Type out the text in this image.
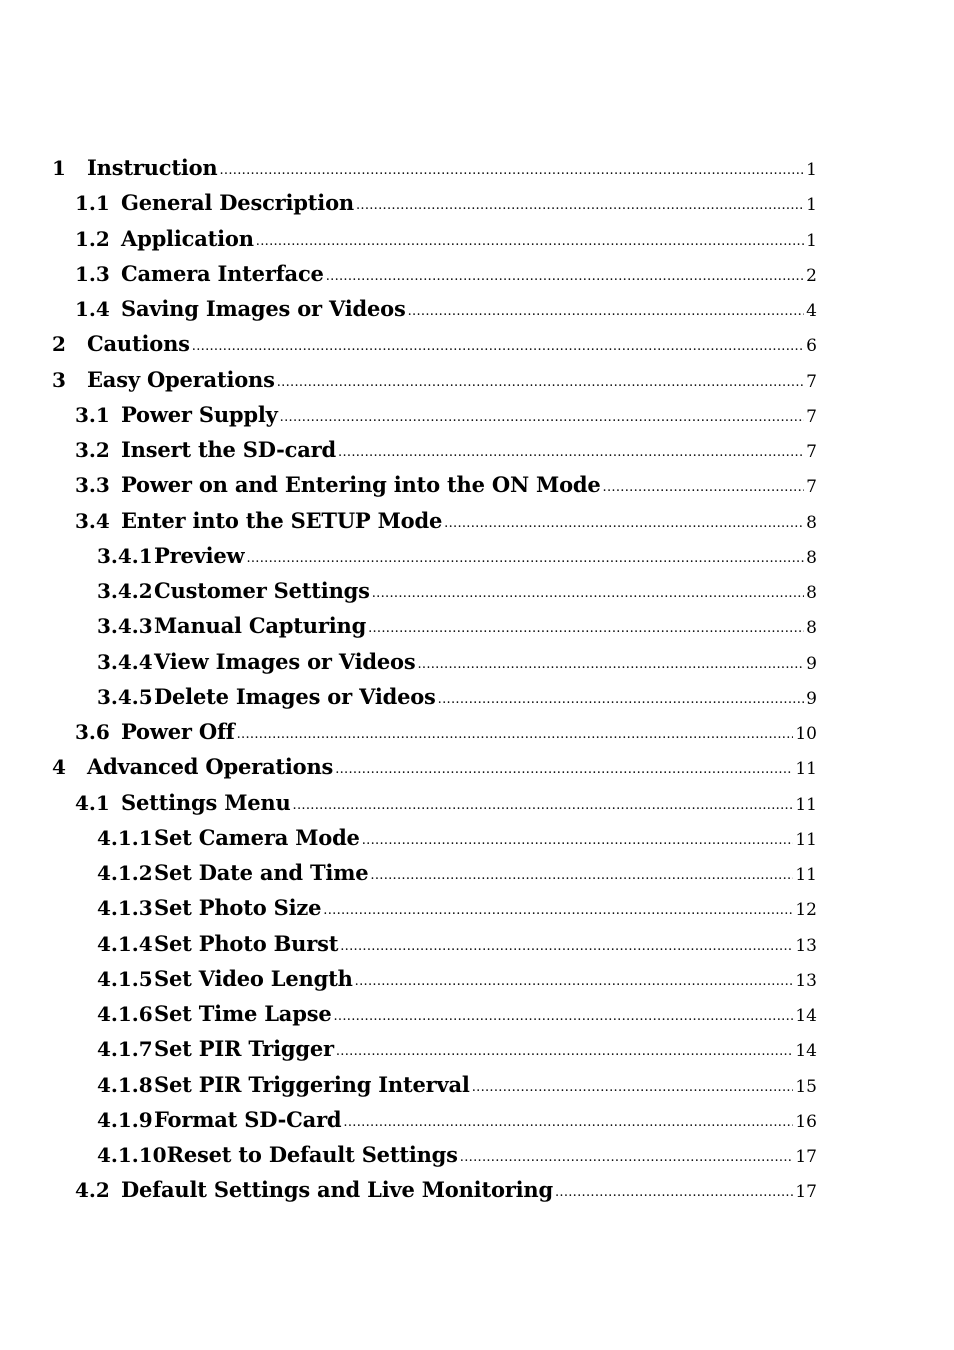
1	Instruction .....	1
1.1 General Description .....	1
1.2 Application .....	1
1.3 Camera Interface .....	2
1.4 Saving Images or Videos .....	4
2	Cautions .....	6
3	Easy Operations .....	7
3.1 Power Supply .....	7
3.2 Insert the SD-card .....	7
3.3 Power on and Entering into the ON Mode .....	7
3.4 Enter into the SETUP Mode .....	8
3.4.1 Preview .....	8
3.4.2 Customer Settings .....	8
3.4.3 Manual Capturing .....	8
3.4.4 View Images or Videos .....	9
3.4.5 Delete Images or Videos .....	9
3.6 Power Off .....	10
4	Advanced Operations .....	11
4.1 Settings Menu .....	11
4.1.1 Set Camera Mode .....	11
4.1.2 Set Date and Time .....	11
4.1.3 Set Photo Size .....	12
4.1.4 Set Photo Burst .....	13
4.1.5 Set Video Length .....	13
4.1.6 Set Time Lapse .....	14
4.1.7 Set PIR Trigger .....	14
4.1.8 Set PIR Triggering Interval .....	15
4.1.9 Format SD-Card .....	16
4.1.10 Reset to Default Settings .....	17
4.2 Default Settings and Live Monitoring .....	17
